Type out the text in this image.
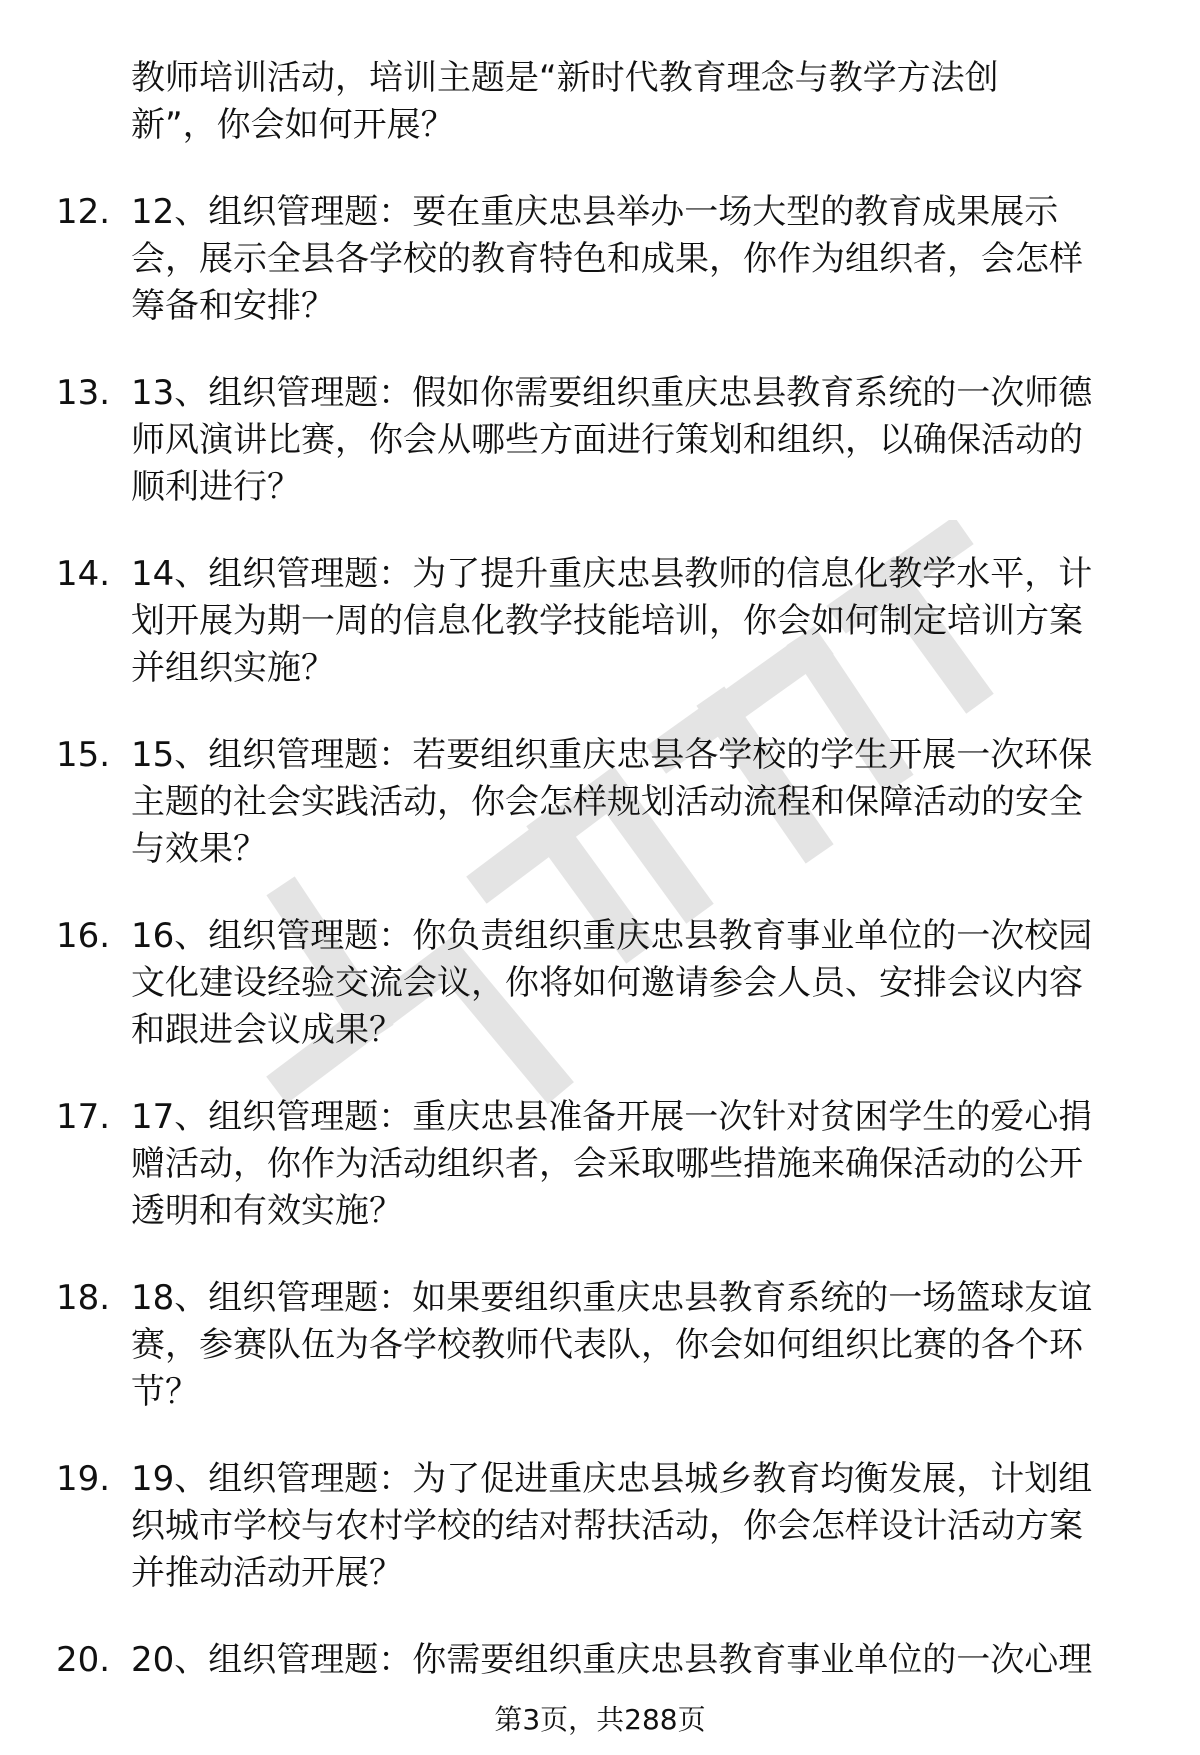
教师培训活动，培训主题是“新时代教育理念与教学方法创
新”，你会如何开展？
12. 12、组织管理题：要在重庆忠县举办一场大型的教育成果展示
会，展示全县各学校的教育特色和成果，你作为组织者，会怎样
筹备和安排？
13. 13、组织管理题：假如你需要组织重庆忠县教育系统的一次师德
师风演讲比赛，你会从哪些方面进行策划和组织，以确保活动的
顺利进行？
14. 14、组织管理题：为了提升重庆忠县教师的信息化教学水平，计
划开展为期一周的信息化教学技能培训，你会如何制定培训方案
并组织实施？
15. 15、组织管理题：若要组织重庆忠县各学校的学生开展一次环保
主题的社会实践活动，你会怎样规划活动流程和保障活动的安全
与效果？
16. 16、组织管理题：你负责组织重庆忠县教育事业单位的一次校园
文化建设经验交流会议，你将如何邀请参会人员、安排会议内容
和跟进会议成果？
17. 17、组织管理题：重庆忠县准备开展一次针对贫困学生的爱心捐
赠活动，你作为活动组织者，会采取哪些措施来确保活动的公开
透明和有效实施？
18. 18、组织管理题：如果要组织重庆忠县教育系统的一场篮球友谊
赛，参赛队伍为各学校教师代表队，你会如何组织比赛的各个环
节？
19. 19、组织管理题：为了促进重庆忠县城乡教育均衡发展，计划组
织城市学校与农村学校的结对帮扶活动，你会怎样设计活动方案
并推动活动开展？
20. 20、组织管理题：你需要组织重庆忠县教育事业单位的一次心理
第3页，共288页
